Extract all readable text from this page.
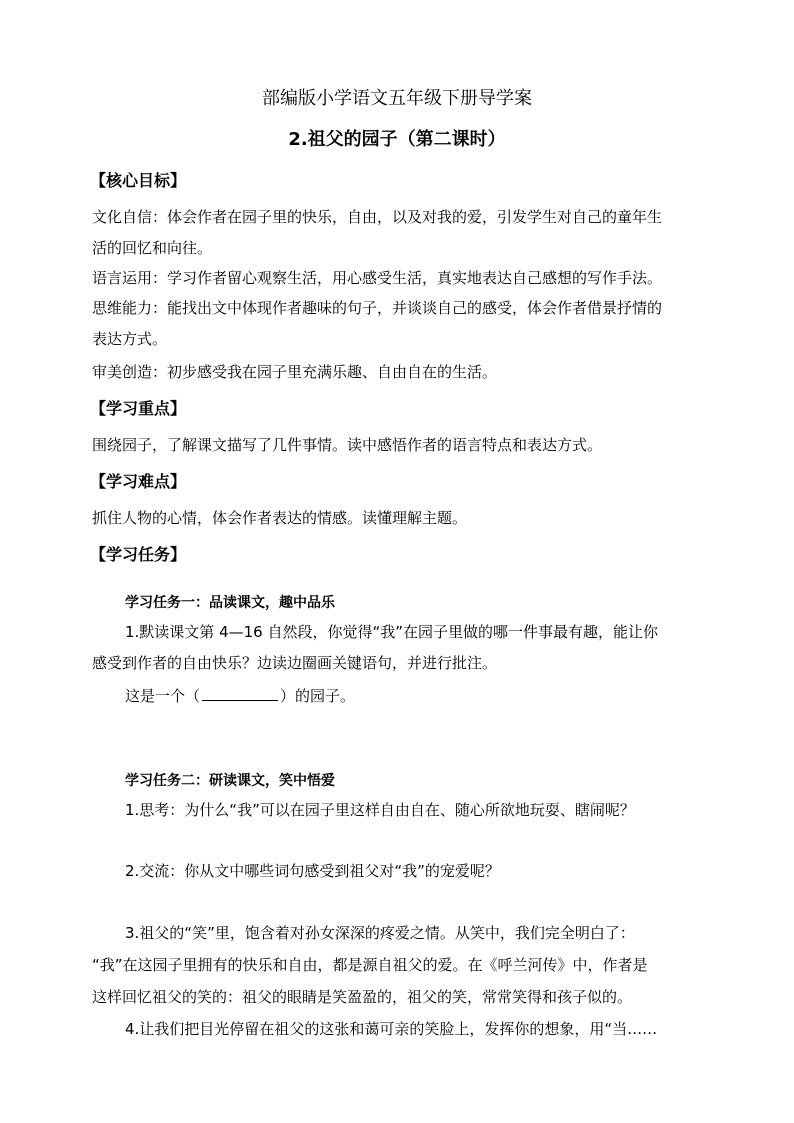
部编版小学语文五年级下册导学案
2.祖父的园子（第二课时）
【核心目标】
文化自信：体会作者在园子里的快乐，自由，以及对我的爱，引发学生对自己的童年生
活的回忆和向往。
语言运用：学习作者留心观察生活，用心感受生活，真实地表达自己感想的写作手法。
思维能力：能找出文中体现作者趣味的句子，并谈谈自己的感受，体会作者借景抒情的
表达方式。
审美创造：初步感受我在园子里充满乐趣、自由自在的生活。
【学习重点】
围绕园子，了解课文描写了几件事情。读中感悟作者的语言特点和表达方式。
【学习难点】
抓住人物的心情，体会作者表达的情感。读懂理解主题。
【学习任务】
学习任务一：品读课文，趣中品乐
1.默读课文第 4—16 自然段，你觉得“我”在园子里做的哪一件事最有趣，能让你
感受到作者的自由快乐？边读边圈画关键语句，并进行批注。
这是一个（	）的园子。
学习任务二：研读课文，笑中悟爱
1.思考：为什么“我”可以在园子里这样自由自在、随心所欲地玩耍、瞎闹呢？
2.交流：你从文中哪些词句感受到祖父对“我”的宠爱呢？
3.祖父的“笑”里，饱含着对孙女深深的疼爱之情。从笑中，我们完全明白了：
“我”在这园子里拥有的快乐和自由，都是源自祖父的爱。在《呼兰河传》中，作者是
这样回忆祖父的笑的：祖父的眼睛是笑盈盈的，祖父的笑，常常笑得和孩子似的。
4.让我们把目光停留在祖父的这张和蔼可亲的笑脸上，发挥你的想象，用“当……
